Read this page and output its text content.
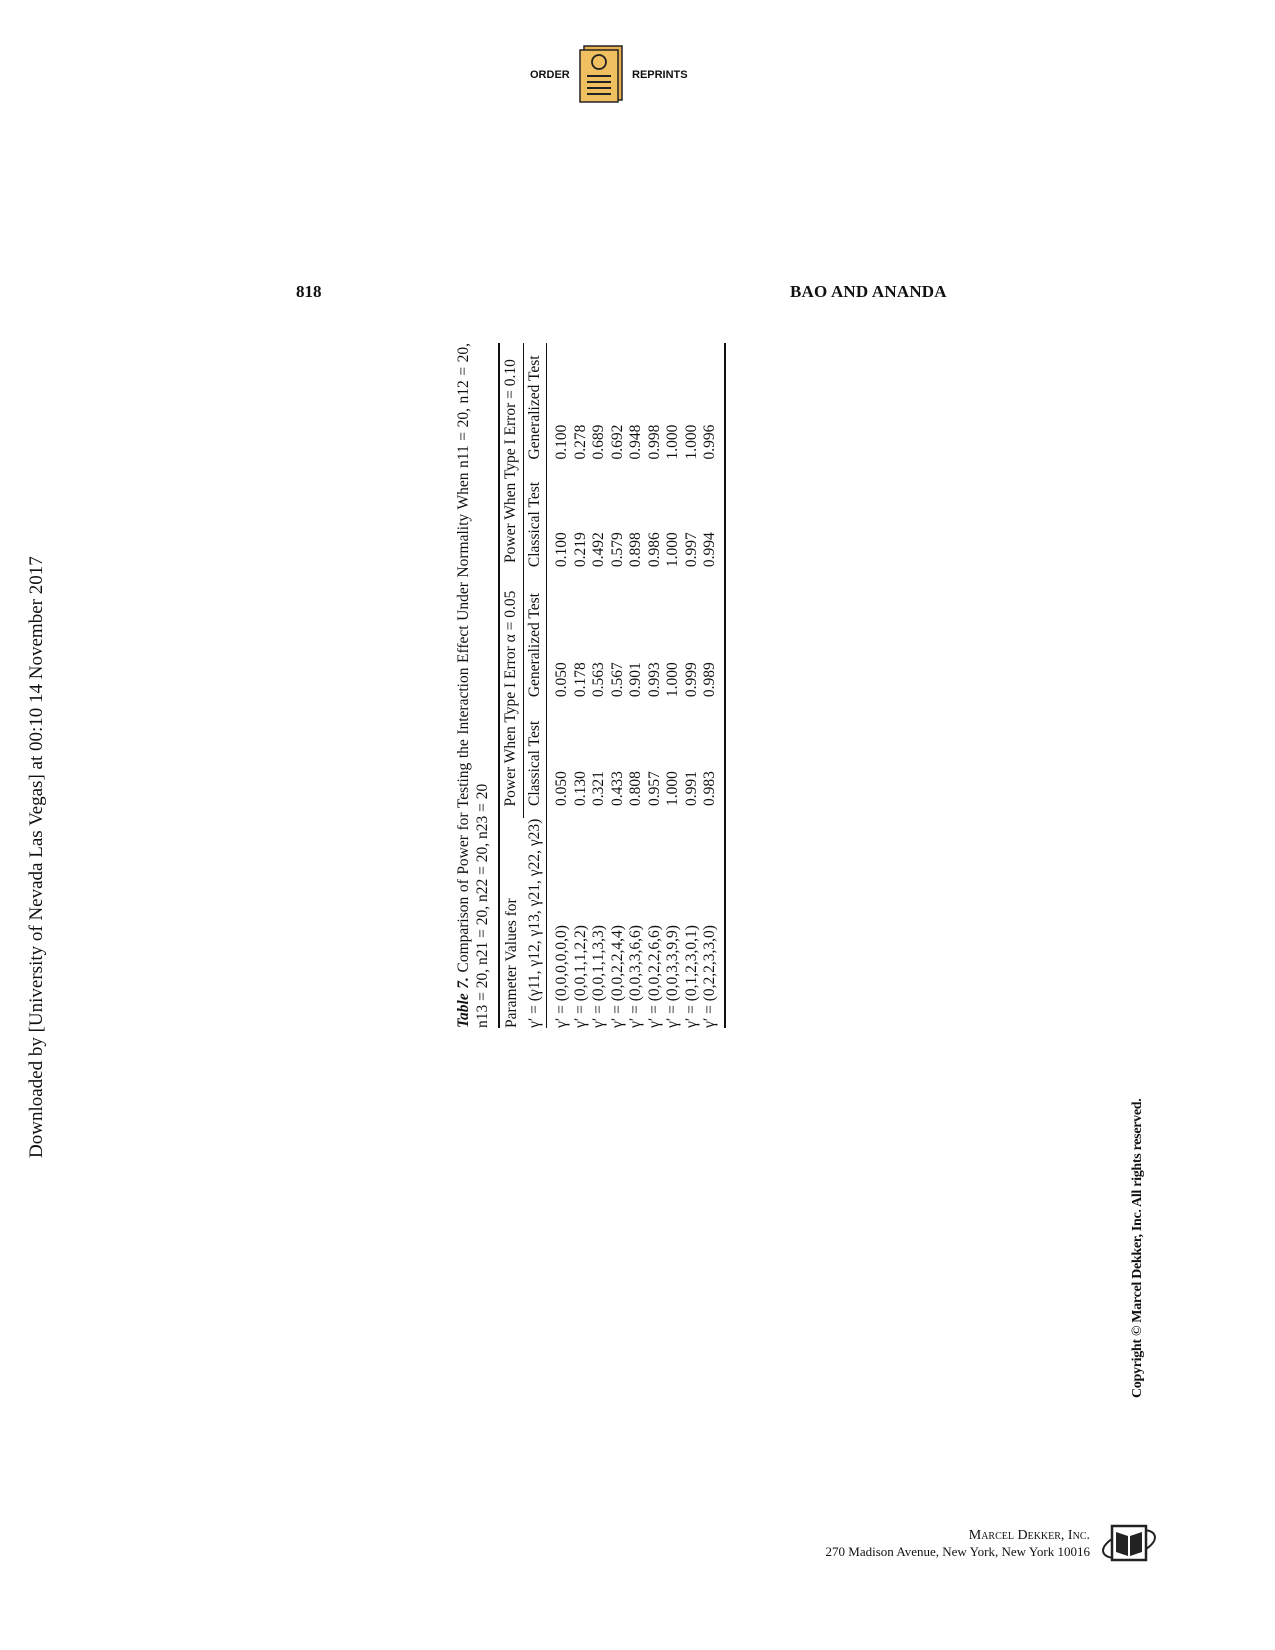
ORDER	REPRINTS
818	BAO AND ANANDA
Downloaded by [University of Nevada Las Vegas] at 00:10 14 November 2017	Table 7. Comparison of Power for Testing the Interaction Effect Under Normality When n11 = 20, n12 = 20, n13 = 20, n21 = 20, n22 = 20, n23 = 20 Parameter Values for	Power When Type I Error α = 0.05		Power When Type I Error = 0.10	
γ′ = (γ11, γ12, γ13, γ21, γ22, γ23)	Classical Test	Generalized Test	Classical Test	Generalized Test
γ′ = (0,0,0,0,0,0)	0.050	0.050	0.100	0.100
γ′ = (0,0,1,1,2,2)	0.130	0.178	0.219	0.278
γ′ = (0,0,1,1,3,3)	0.321	0.563	0.492	0.689
γ′ = (0,0,2,2,4,4)	0.433	0.567	0.579	0.692
γ′ = (0,0,3,3,6,6)	0.808	0.901	0.898	0.948
γ′ = (0,0,2,2,6,6)	0.957	0.993	0.986	0.998
γ′ = (0,0,3,3,9,9)	1.000	1.000	1.000	1.000
γ′ = (0,1,2,3,0,1)	0.991	0.999	0.997	1.000
γ′ = (0,2,2,3,3,0)	0.983	0.989	0.994	0.996
Copyright © Marcel Dekker, Inc. All rights reserved.
Marcel Dekker, Inc.
270 Madison Avenue, New York, New York 10016
